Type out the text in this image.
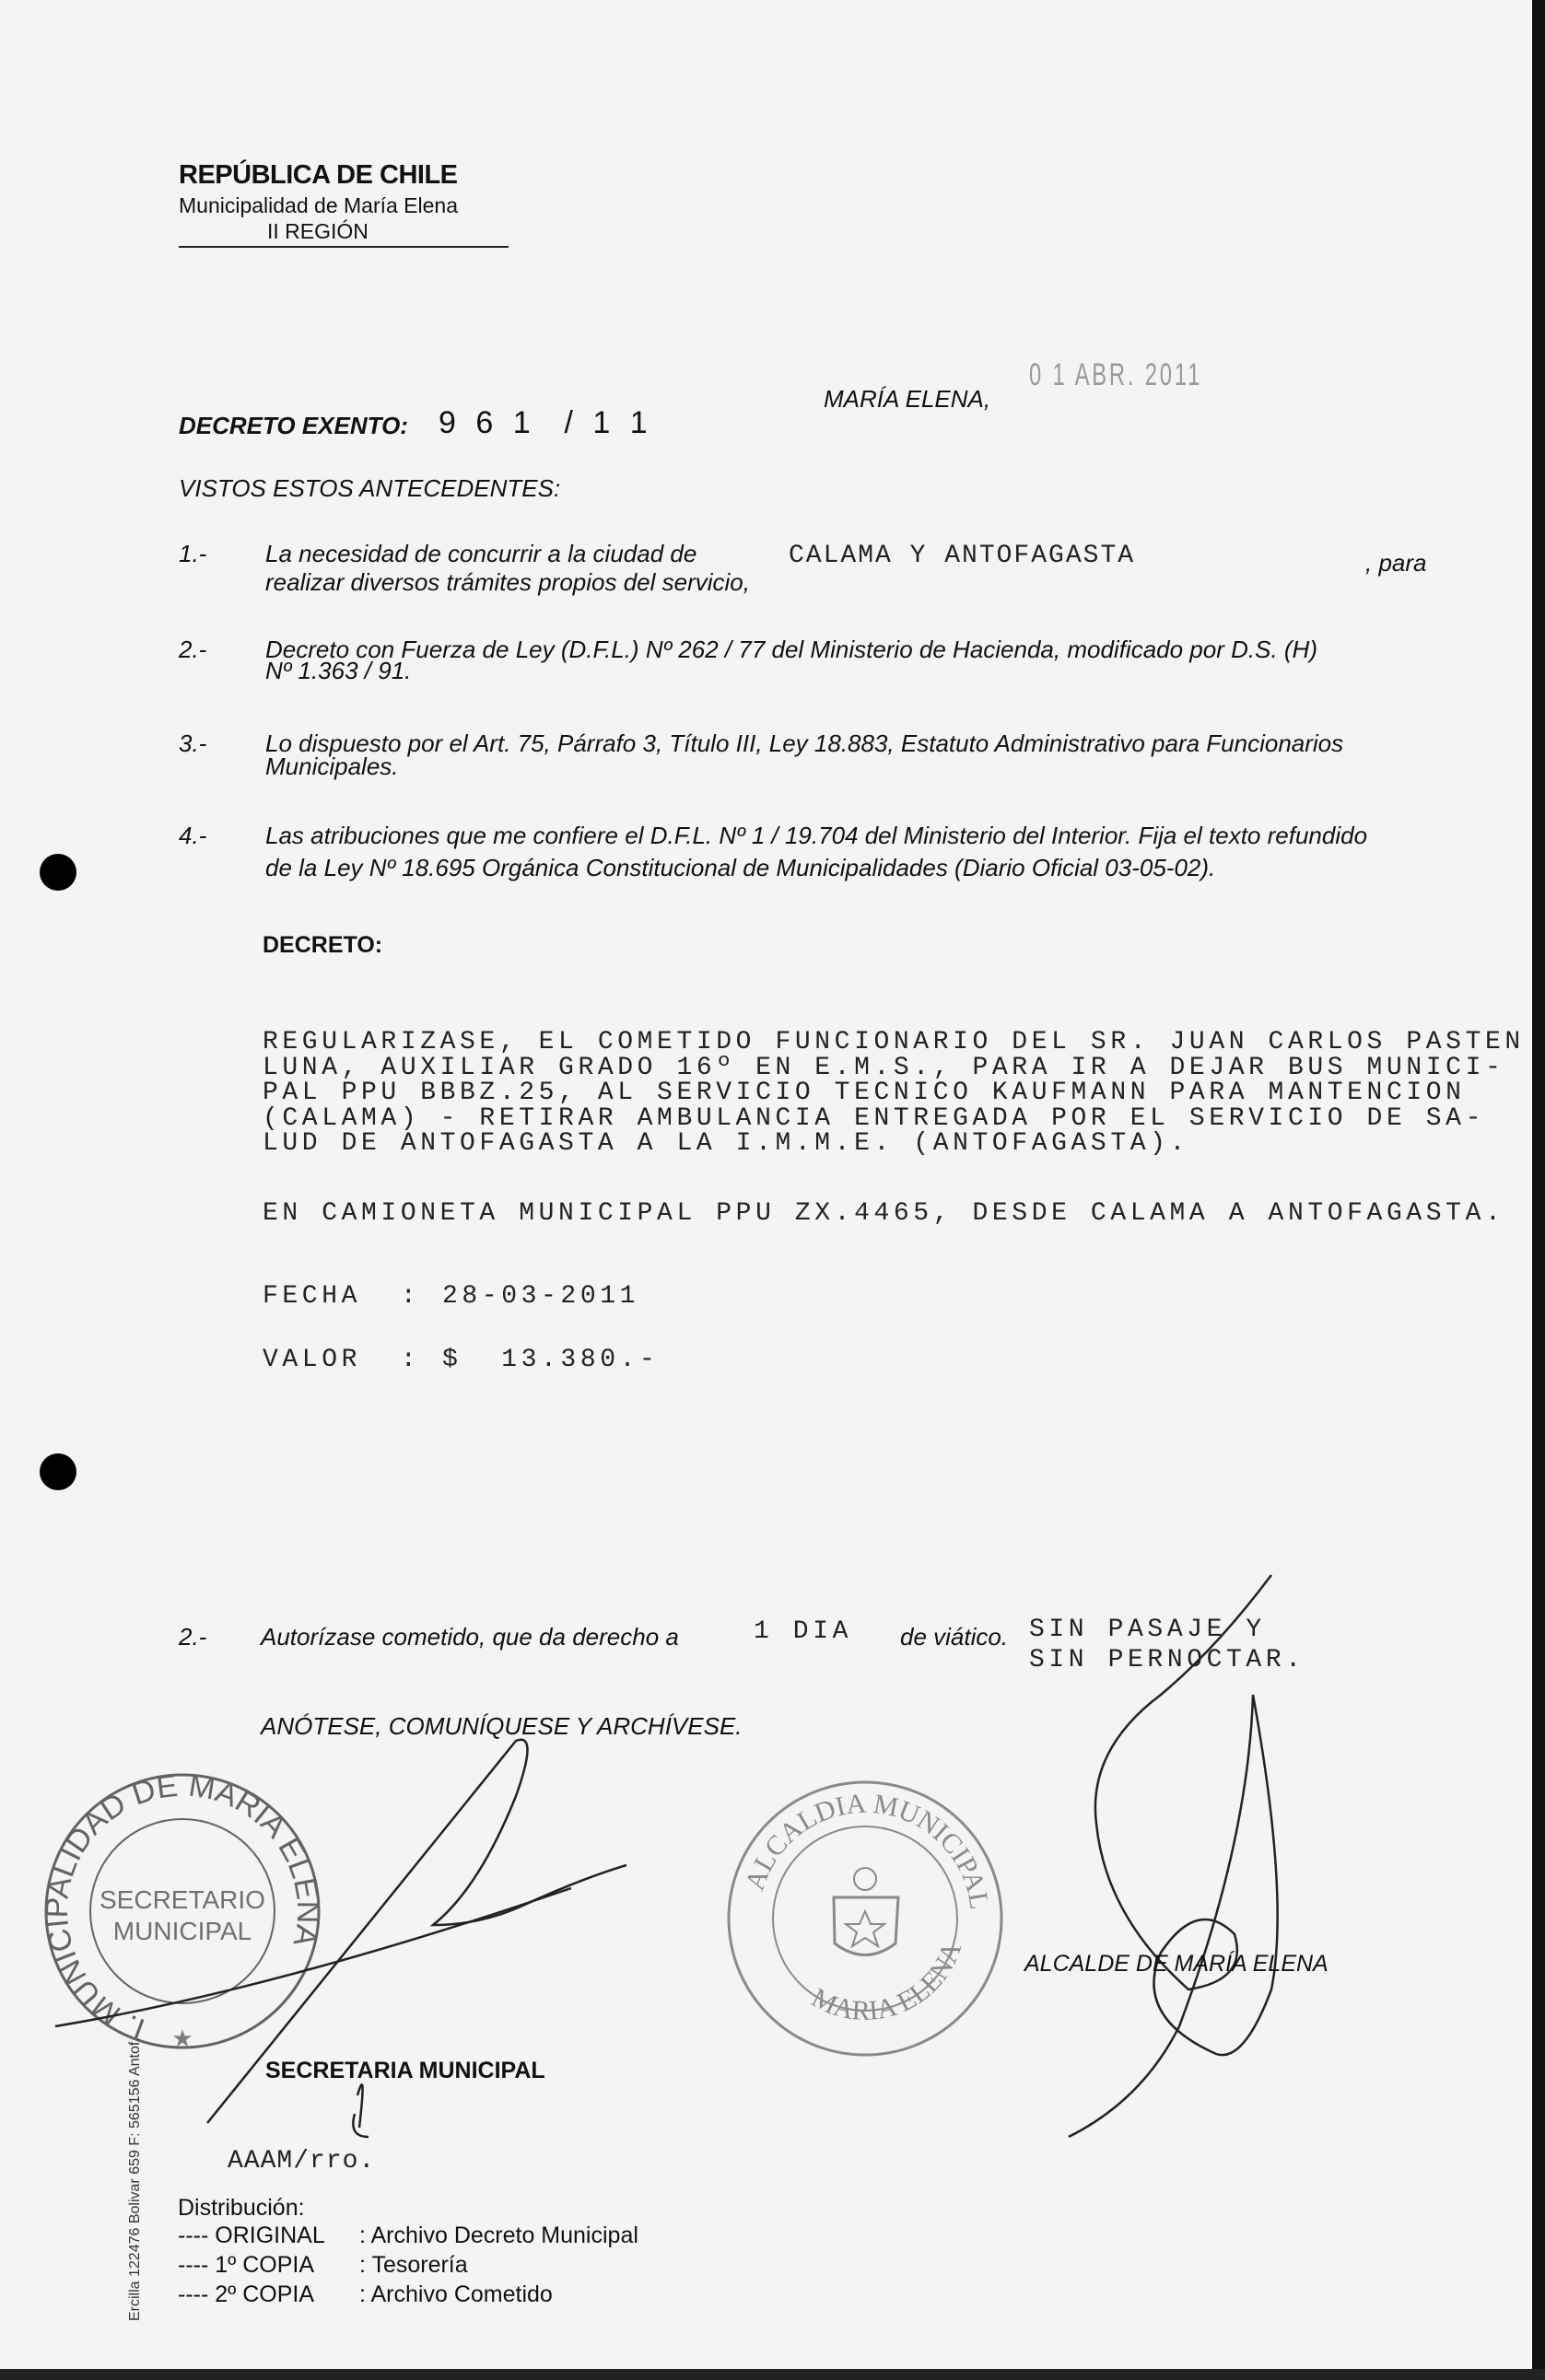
REPÚBLICA DE CHILE
Municipalidad de María Elena
II REGIÓN
DECRETO EXENTO: 9 6 1  / 1 1
MARÍA ELENA,
0 1 ABR. 2011
VISTOS ESTOS ANTECEDENTES:
1.- La necesidad de concurrir a la ciudad de	CALAMA Y ANTOFAGASTA	, para
realizar diversos trámites propios del servicio,
2.- Decreto con Fuerza de Ley (D.F.L.) Nº 262 / 77 del Ministerio de Hacienda, modificado por D.S. (H)
Nº 1.363 / 91.
3.- Lo dispuesto por el Art. 75, Párrafo 3, Título III, Ley 18.883, Estatuto Administrativo para Funcionarios
Municipales.
4.- Las atribuciones que me confiere el D.F.L. Nº 1 / 19.704 del Ministerio del Interior. Fija el texto refundido
de la Ley Nº 18.695 Orgánica Constitucional de Municipalidades (Diario Oficial 03-05-02).
DECRETO:
REGULARIZASE, EL COMETIDO FUNCIONARIO DEL SR. JUAN CARLOS PASTEN
LUNA, AUXILIAR GRADO 16º EN E.M.S., PARA IR A DEJAR BUS MUNICI-
PAL PPU BBBZ.25, AL SERVICIO TECNICO KAUFMANN PARA MANTENCION
(CALAMA) - RETIRAR AMBULANCIA ENTREGADA POR EL SERVICIO DE SA-
LUD DE ANTOFAGASTA A LA I.M.M.E. (ANTOFAGASTA).
EN CAMIONETA MUNICIPAL PPU ZX.4465, DESDE CALAMA A ANTOFAGASTA.
FECHA  : 28-03-2011
VALOR  : $  13.380.-
2.- Autorízase cometido, que da derecho a	1 DIA de viático. SIN PASAJE Y
SIN PERNOCTAR.
ANÓTESE, COMUNÍQUESE Y ARCHÍVESE.
I. MUNICIPALIDAD DE MARIA ELENA
SECRETARIO
MUNICIPAL
★
ALCALDIA MUNICIPAL
MARIA ELENA ALCALDE DE MARÍA ELENA
SECRETARIA MUNICIPAL
AAAM/rro.
Distribución:
---- ORIGINAL : Archivo Decreto Municipal
---- 1º COPIA : Tesorería
---- 2º COPIA : Archivo Cometido
Ercilla 122476 Bolivar 659 F: 565156 Antof.
